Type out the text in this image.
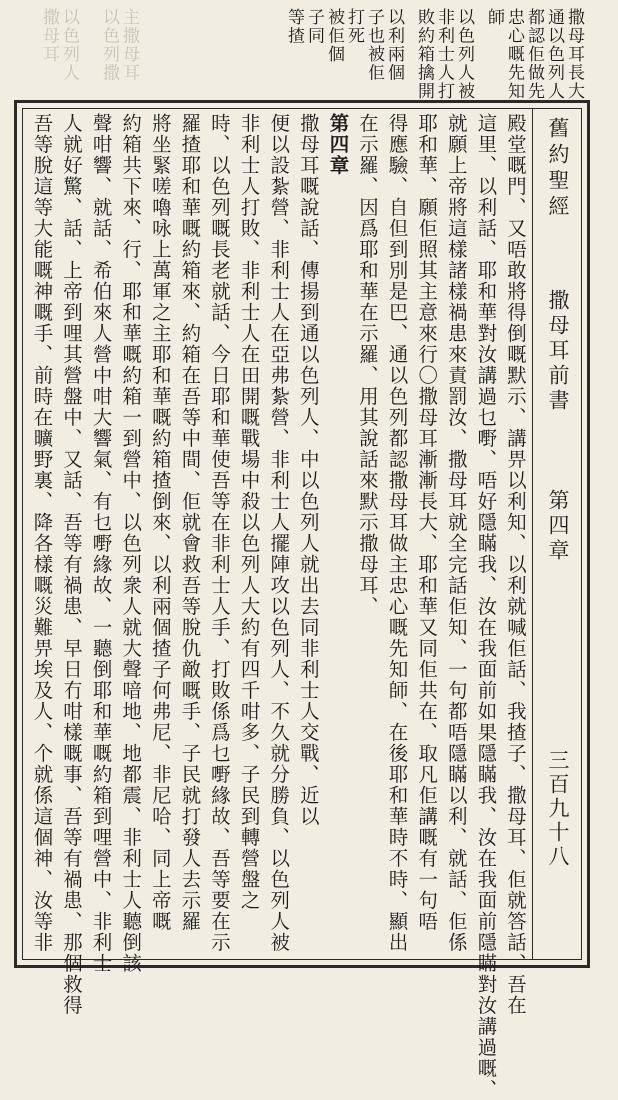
撒母耳長大
通以色列人
都認佢做先
忠心嘅先知
師
以色列人被
非利士人打
敗約箱擒開
以利兩個
子也被佢
打死
被佢個
子同
等揸
主撒母耳
以色列撒
以色列人
撒母耳
舊約聖經
撒母耳前書
第四章
三百九十八
殿堂嘅門、又唔敢將得倒嘅默示、講畀以利知、以利就喊佢話、我揸子、撒母耳、佢就答話、吾在
這里、以利話、耶和華對汝講過乜嘢、唔好隱瞞我、汝在我面前如果隱瞞我、汝在我面前隱瞞對汝講過嘅、
就願上帝將這樣諸樣禍患來責罰汝、撒母耳就全完話佢知、一句都唔隱瞞以利、就話、佢係
耶和華、願佢照其主意來行〇撒母耳漸漸長大、耶和華又同佢共在、取凡佢講嘅有一句唔
得應驗、自但到別是巴、通以色列都認撒母耳做主忠心嘅先知師、在後耶和華時不時、顯出
在示羅、因爲耶和華在示羅、用其說話來默示撒母耳、
第四章
撒母耳嘅說話、傳揚到通以色列人、中以色列人就出去同非利士人交戰、近以
便以設紮營、非利士人在亞弗紮營、非利士人擺陣攻以色列人、不久就分勝負、以色列人被
非利士人打敗、非利士人在田開嘅戰場中殺以色列人大約有四千咁多、子民到轉營盤之
時、以色列嘅長老就話、今日耶和華使吾等在非利士人手、打敗係爲乜嘢緣故、吾等要在示
羅揸耶和華嘅約箱來、約箱在吾等中間、佢就會救吾等脫仇敵嘅手、子民就打發人去示羅
將坐緊嗟嚕咏上萬軍之主耶和華嘅約箱揸倒來、以利兩個揸子何弗尼、非尼哈、同上帝嘅
約箱共下來、行、耶和華嘅約箱一到營中、以色列衆人就大聲喑地、地都震、非利士人聽倒該
聲咁響、就話、希伯來人營中咁大響氣、有乜嘢緣故、一聽倒耶和華嘅約箱到哩營中、非利士
人就好驚、話、上帝到哩其營盤中、又話、吾等有禍患、早日冇咁樣嘅事、吾等有禍患、那個救得
吾等脫這等大能嘅神嘅手、前時在曠野裏、降各樣嘅災難畀埃及人、个就係這個神、汝等非
